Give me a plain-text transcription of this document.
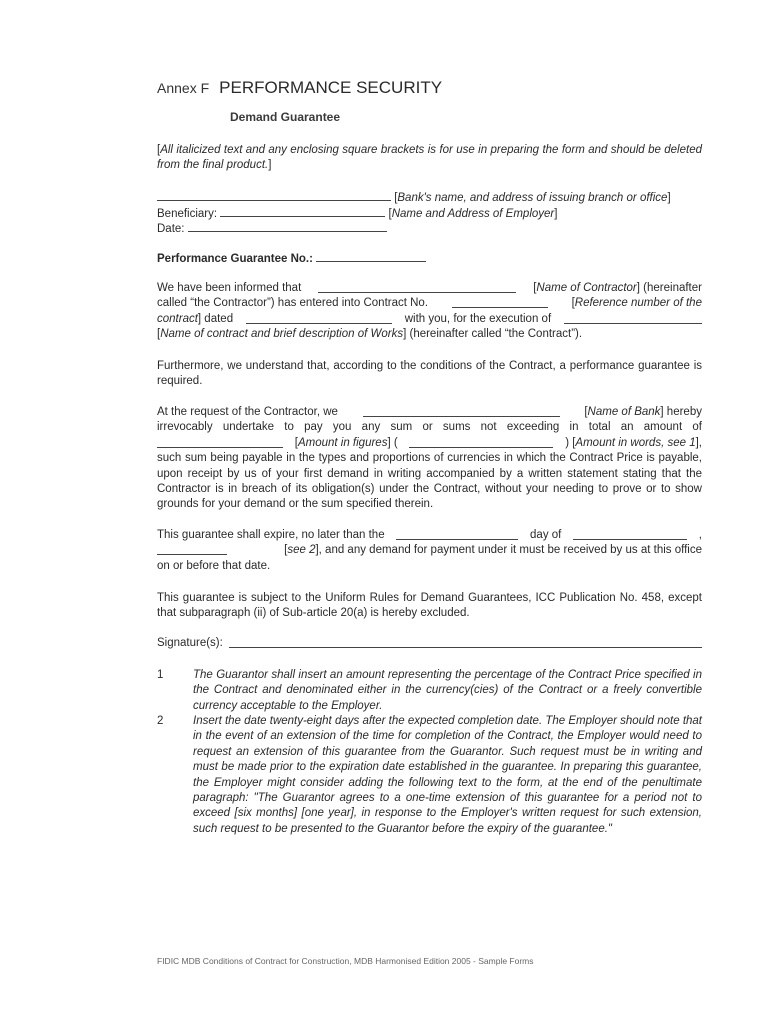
Annex F PERFORMANCE SECURITY
Demand Guarantee
[All italicized text and any enclosing square brackets is for use in preparing the form and should be deleted from the final product.]
[Bank's name, and address of issuing branch or office]
Beneficiary:	[Name and Address of Employer]
Date:
Performance Guarantee No.:
We have been informed that	[Name of Contractor] (hereinafter
called “the Contractor”) has entered into Contract No.	[Reference number of the
contract] dated	with you, for the execution of
[Name of contract and brief description of Works] (hereinafter called “the Contract”).
Furthermore, we understand that, according to the conditions of the Contract, a performance guarantee is required.
At the request of the Contractor, we	[Name of Bank] hereby
irrevocably undertake to pay you any sum or sums not exceeding in total an amount of
[Amount in figures] (	) [Amount in words, see 1],
such sum being payable in the types and proportions of currencies in which the Contract Price is payable, upon receipt by us of your first demand in writing accompanied by a written statement stating that the Contractor is in breach of its obligation(s) under the Contract, without your needing to prove or to show grounds for your demand or the sum specified therein.
This guarantee shall expire, no later than the	day of	,
[see 2], and any demand for payment under it must be received by us at this office
on or before that date.
This guarantee is subject to the Uniform Rules for Demand Guarantees, ICC Publication No. 458, except that subparagraph (ii) of Sub-article 20(a) is hereby excluded.
Signature(s):
1	The Guarantor shall insert an amount representing the percentage of the Contract Price specified in the Contract and denominated either in the currency(cies) of the Contract or a freely convertible currency acceptable to the Employer.
2	Insert the date twenty-eight days after the expected completion date. The Employer should note that in the event of an extension of the time for completion of the Contract, the Employer would need to request an extension of this guarantee from the Guarantor. Such request must be in writing and must be made prior to the expiration date established in the guarantee. In preparing this guarantee, the Employer might consider adding the following text to the form, at the end of the penultimate paragraph: "The Guarantor agrees to a one-time extension of this guarantee for a period not to exceed [six months] [one year], in response to the Employer's written request for such extension, such request to be presented to the Guarantor before the expiry of the guarantee."
FIDIC MDB Conditions of Contract for Construction, MDB Harmonised Edition 2005 - Sample Forms
